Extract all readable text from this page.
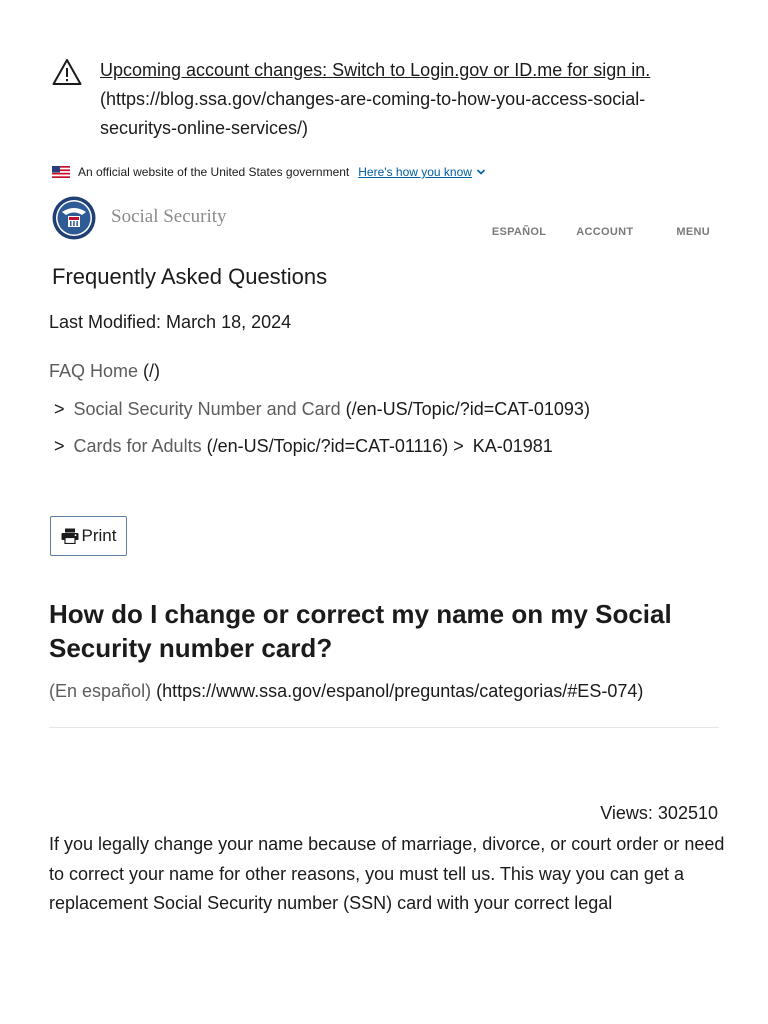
Upcoming account changes: Switch to Login.gov or ID.me for sign in.
(https://blog.ssa.gov/changes-are-coming-to-how-you-access-social-securitys-online-services/)
An official website of the United States government Here's how you know
Social Security
ESPAÑOL	ACCOUNT	MENU
Frequently Asked Questions
Last Modified: March 18, 2024
FAQ Home (/)
> Social Security Number and Card (/en-US/Topic/?id=CAT-01093)
> Cards for Adults (/en-US/Topic/?id=CAT-01116) > KA-01981
Print
How do I change or correct my name on my Social Security number card?
(En español) (https://www.ssa.gov/espanol/preguntas/categorias/#ES-074)
Views: 302510

If you legally change your name because of marriage, divorce, or court order or need to correct your name for other reasons, you must tell us. This way you can get a replacement Social Security number (SSN) card with your correct legal
